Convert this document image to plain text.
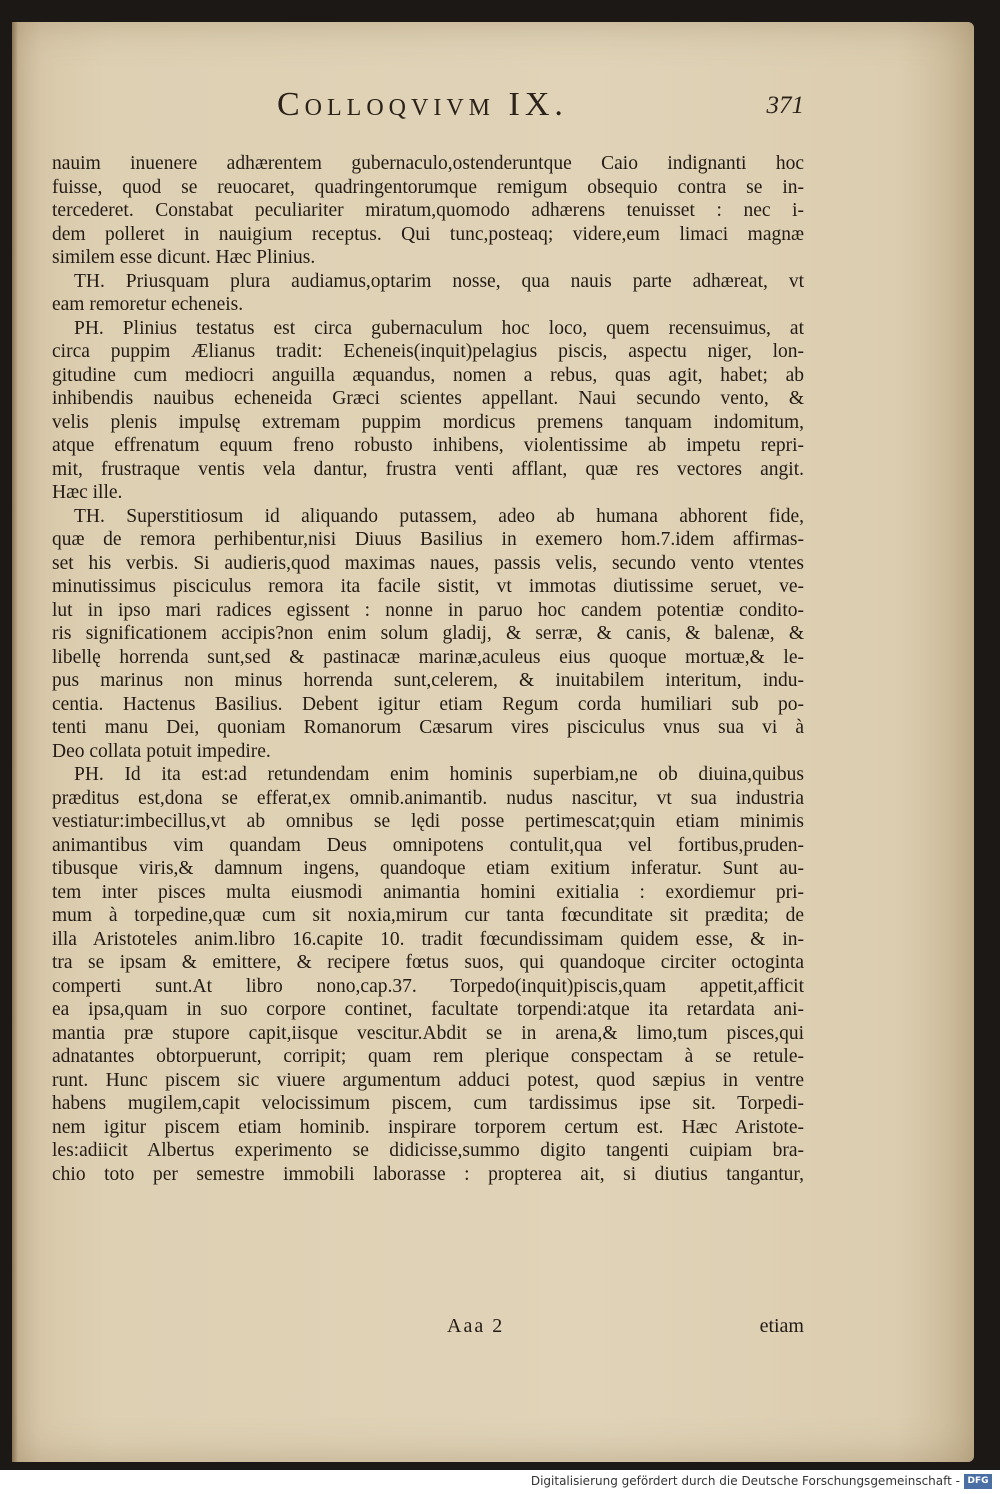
Colloqvivm IX.	371
nauim inuenere adhærentem gubernaculo,ostenderuntque Caio indignanti hoc
fuisse, quod se reuocaret, quadringentorumque remigum obsequio contra se in-
tercederet. Constabat peculiariter miratum,quomodo adhærens tenuisset : nec i-
dem polleret in nauigium receptus. Qui tunc,posteaq; videre,eum limaci magnæ
similem esse dicunt. Hæc Plinius.
TH. Priusquam plura audiamus,optarim nosse, qua nauis parte adhæreat, vt
eam remoretur echeneis.
PH. Plinius testatus est circa gubernaculum hoc loco, quem recensuimus, at
circa puppim Ælianus tradit: Echeneis(inquit)pelagius piscis, aspectu niger, lon-
gitudine cum mediocri anguilla æquandus, nomen a rebus, quas agit, habet; ab
inhibendis nauibus echeneida Græci scientes appellant. Naui secundo vento, &
velis plenis impulsę extremam puppim mordicus premens tanquam indomitum,
atque effrenatum equum freno robusto inhibens, violentissime ab impetu repri-
mit, frustraque ventis vela dantur, frustra venti afflant, quæ res vectores angit.
Hæc ille.
TH. Superstitiosum id aliquando putassem, adeo ab humana abhorent fide,
quæ de remora perhibentur,nisi Diuus Basilius in exemero hom.7.idem affirmas-
set his verbis. Si audieris,quod maximas naues, passis velis, secundo vento vtentes
minutissimus pisciculus remora ita facile sistit, vt immotas diutissime seruet, ve-
lut in ipso mari radices egissent : nonne in paruo hoc candem potentiæ condito-
ris significationem accipis?non enim solum gladij, & serræ, & canis, & balenæ, &
libellę horrenda sunt,sed & pastinacæ marinæ,aculeus eius quoque mortuæ,& le-
pus marinus non minus horrenda sunt,celerem, & inuitabilem interitum, indu-
centia. Hactenus Basilius. Debent igitur etiam Regum corda humiliari sub po-
tenti manu Dei, quoniam Romanorum Cæsarum vires pisciculus vnus sua vi à
Deo collata potuit impedire.
PH. Id ita est:ad retundendam enim hominis superbiam,ne ob diuina,quibus
præditus est,dona se efferat,ex omnib.animantib. nudus nascitur, vt sua industria
vestiatur:imbecillus,vt ab omnibus se lędi posse pertimescat;quin etiam minimis
animantibus vim quandam Deus omnipotens contulit,qua vel fortibus,pruden-
tibusque viris,& damnum ingens, quandoque etiam exitium inferatur. Sunt au-
tem inter pisces multa eiusmodi animantia homini exitialia : exordiemur pri-
mum à torpedine,quæ cum sit noxia,mirum cur tanta fœcunditate sit prædita; de
illa Aristoteles anim.libro 16.capite 10. tradit fœcundissimam quidem esse, & in-
tra se ipsam & emittere, & recipere fœtus suos, qui quandoque circiter octoginta
comperti sunt.At libro nono,cap.37. Torpedo(inquit)piscis,quam appetit,afficit
ea ipsa,quam in suo corpore continet, facultate torpendi:atque ita retardata ani-
mantia præ stupore capit,iisque vescitur.Abdit se in arena,& limo,tum pisces,qui
adnatantes obtorpuerunt, corripit; quam rem plerique conspectam à se retule-
runt. Hunc piscem sic viuere argumentum adduci potest, quod sæpius in ventre
habens mugilem,capit velocissimum piscem, cum tardissimus ipse sit. Torpedi-
nem igitur piscem etiam hominib. inspirare torporem certum est. Hæc Aristote-
les:adiicit Albertus experimento se didicisse,summo digito tangenti cuipiam bra-
chio toto per semestre immobili laborasse : propterea ait, si diutius tangantur,
Aaa 2	etiam
Digitalisierung gefördert durch die Deutsche Forschungsgemeinschaft - DFG
